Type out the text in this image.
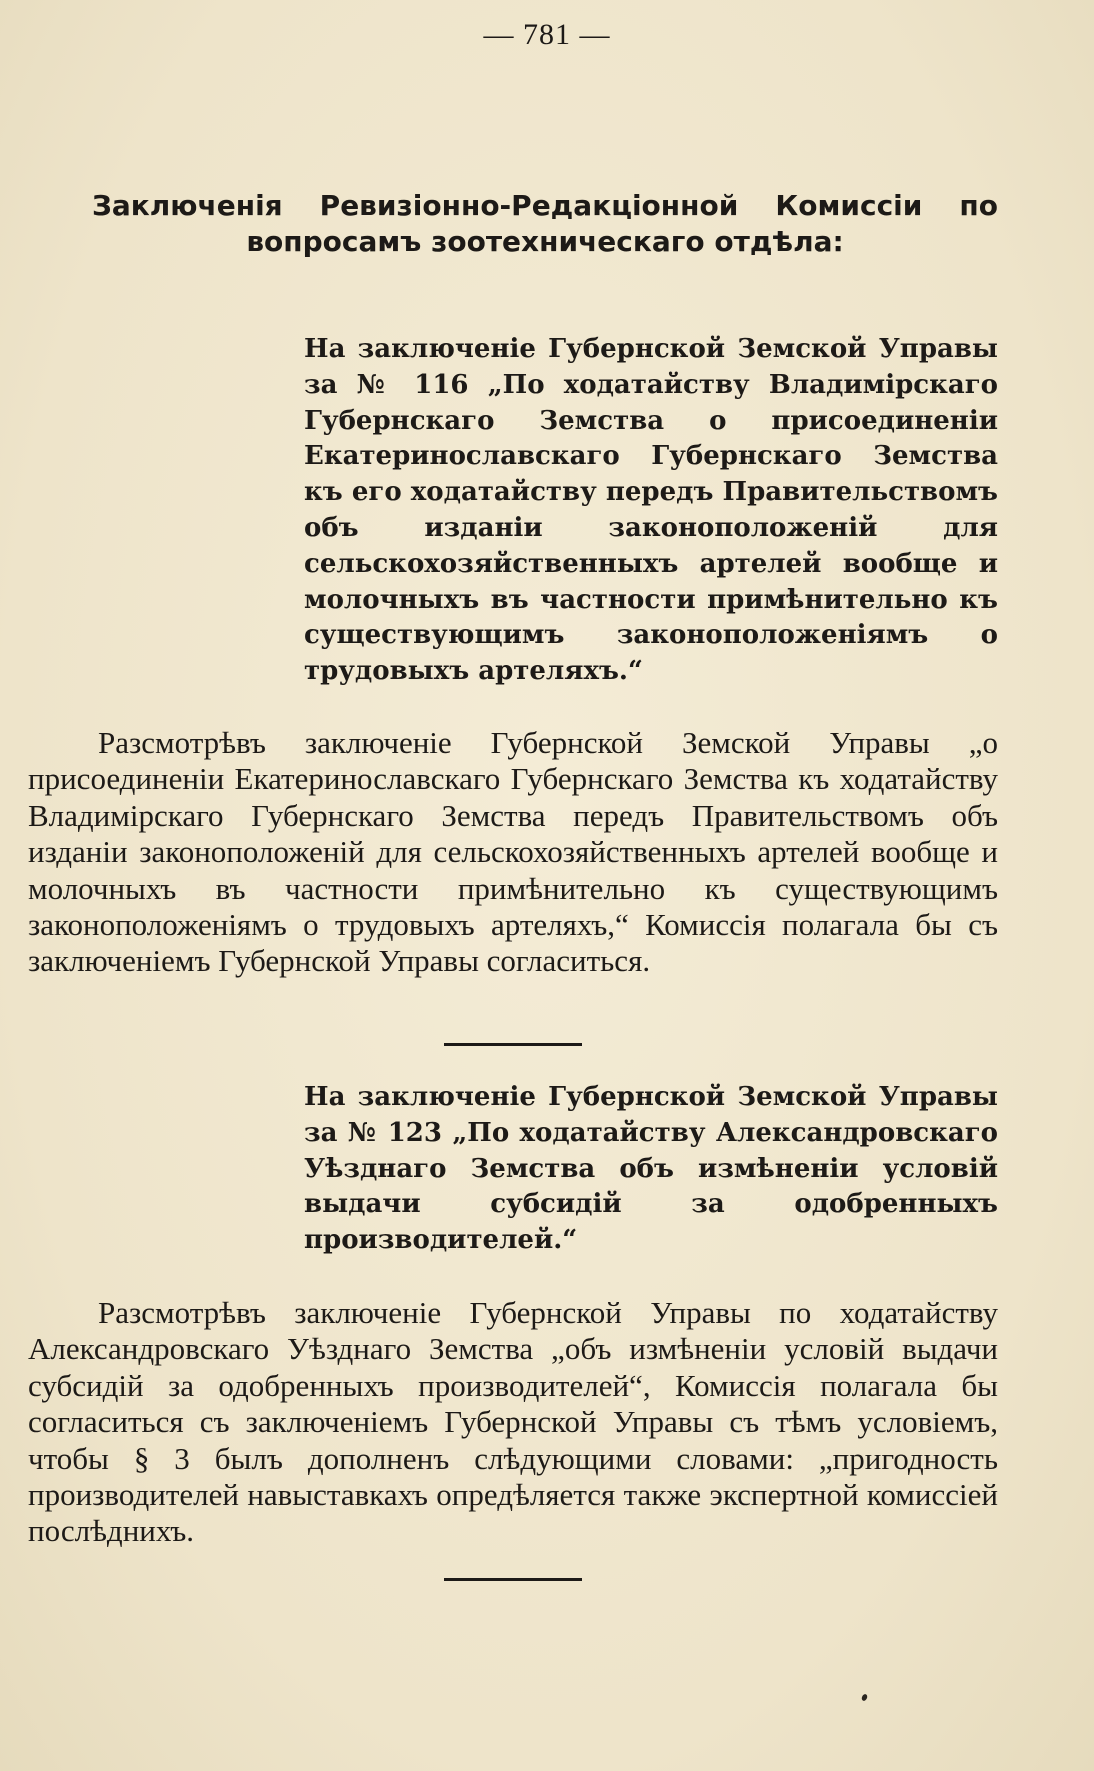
— 781 —
Заключенія Ревизіонно-Редакціонной Комиссіи по вопросамъ зоотехническаго отдѣла:
На заключеніе Губернской Земской Управы за № 116 „По ходатайству Владимірскаго Губернскаго Земства о присоединеніи Екатеринославскаго Губернскаго Земства къ его ходатайству передъ Правительствомъ объ изданіи законоположеній для сельскохозяйственныхъ артелей вообще и молочныхъ въ частности примѣнительно къ существующимъ законоположеніямъ о трудовыхъ артеляхъ.“
Разсмотрѣвъ заключеніе Губернской Земской Управы „о присоединеніи Екатеринославскаго Губернскаго Земства къ ходатайству Владимірскаго Губернскаго Земства передъ Правительствомъ объ изданіи законоположеній для сельскохозяйственныхъ артелей вообще и молочныхъ въ частности примѣнительно къ существующимъ законоположеніямъ о трудовыхъ артеляхъ,“ Комиссія полагала бы съ заключеніемъ Губернской Управы согласиться.
На заключеніе Губернской Земской Управы за № 123 „По ходатайству Александровскаго Уѣзднаго Земства объ измѣненіи условій выдачи субсидій за одобренныхъ производителей.“
Разсмотрѣвъ заключеніе Губернской Управы по ходатайству Александровскаго Уѣзднаго Земства „объ измѣненіи условій выдачи субсидій за одобренныхъ производителей“, Комиссія полагала бы согласиться съ заключеніемъ Губернской Управы съ тѣмъ условіемъ, чтобы § 3 былъ дополненъ слѣдующими словами: „пригодность производителей навыставкахъ опредѣляется также экспертной комиссіей послѣднихъ.
